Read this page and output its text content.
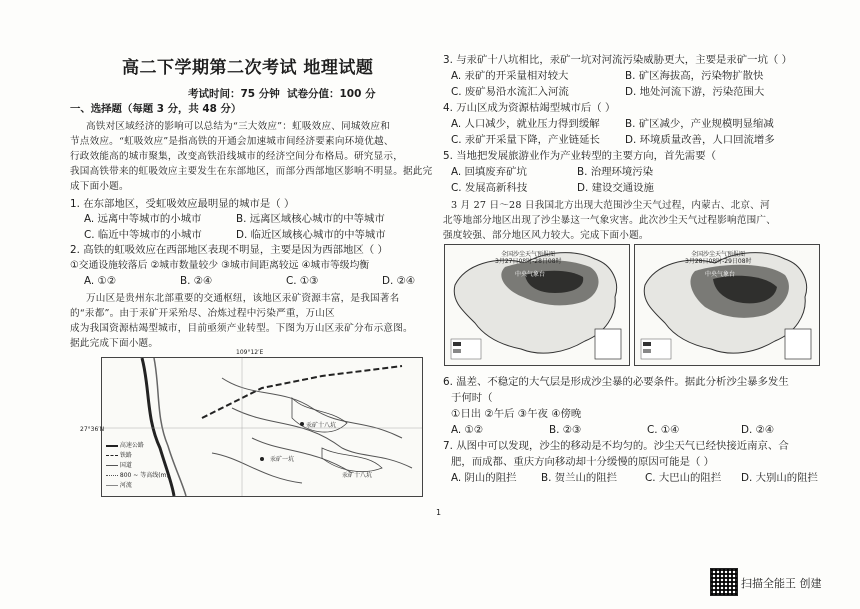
高二下学期第二次考试 地理试题
考试时间：75 分钟 试卷分值：100 分
一、选择题（每题 3 分，共 48 分）
高铁对区域经济的影响可以总结为“三大效应”：虹吸效应、同城效应和
节点效应。“虹吸效应”是指高铁的开通会加速城市间经济要素向环境优越、
行政效能高的城市聚集，改变高铁沿线城市的经济空间分布格局。研究显示，
我国高铁带来的虹吸效应主要发生在东部地区，而部分西部地区影响不明显。据此完
成下面小题。
1. 在东部地区，受虹吸效应最明显的城市是（ ）
A. 远离中等城市的小城市	B. 远离区域核心城市的中等城市
C. 临近中等城市的小城市	D. 临近区域核心城市的中等城市
2. 高铁的虹吸效应在西部地区表现不明显，主要是因为西部地区（ ）
①交通设施较落后 ②城市数量较少 ③城市间距离较远 ④城市等级均衡
A. ①②	B. ②④	C. ①③	D. ②④
万山区是贵州东北部重要的交通枢纽，该地区汞矿资源丰富，是我国著名
的“汞都”。由于汞矿开采殆尽、冶炼过程中污染严重，万山区
成为我国资源枯竭型城市，目前亟须产业转型。下图为万山区汞矿分布示意图。
据此完成下面小题。
109°12′E
27°36′N
汞矿一坑
汞矿十八坑
汞矿十八坑
高速公路
铁路
国道
800 ~ 等高线(m)
河流
3. 与汞矿十八坑相比，汞矿一坑对河流污染威胁更大，主要是汞矿一坑（ ）
A. 汞矿的开采量相对较大	B. 矿区海拔高，污染物扩散快
C. 废矿易沿水流汇入河流	D. 地处河流下游，污染范围大
4. 万山区成为资源枯竭型城市后（ ）
A. 人口减少，就业压力得到缓解 B. 矿区减少，产业规模明显缩减
C. 汞矿开采量下降，产业链延长 D. 环境质量改善，人口回流增多
5. 当地把发展旅游业作为产业转型的主要方向，首先需要（
A. 回填废弃矿坑	B. 治理环境污染
C. 发展高新科技	D. 建设交通设施
3 月 27 日～28 日我国北方出现大范围沙尘天气过程，内蒙古、北京、河
北等地部分地区出现了沙尘暴这一气象灾害。此次沙尘天气过程影响范围广、
强度较强、部分地区风力较大。完成下面小题。
全国沙尘天气预报图
3月27日08时-28日08时
中央气象台
全国沙尘天气预报图
3月28日08时-29日08时
中央气象台
6. 温差、不稳定的大气层是形成沙尘暴的必要条件。据此分析沙尘暴多发生
于何时（
①日出 ②午后 ③午夜 ④傍晚
A. ①②	B. ②③	C. ①④	D. ②④
7. 从图中可以发现，沙尘的移动是不均匀的。沙尘天气已经快接近南京、合
肥，而成都、重庆方向移动却十分缓慢的原因可能是（ ）
A. 阴山的阻拦 B. 贺兰山的阻拦	C. 大巴山的阻拦 D. 大别山的阻拦
1
扫描全能王 创建
